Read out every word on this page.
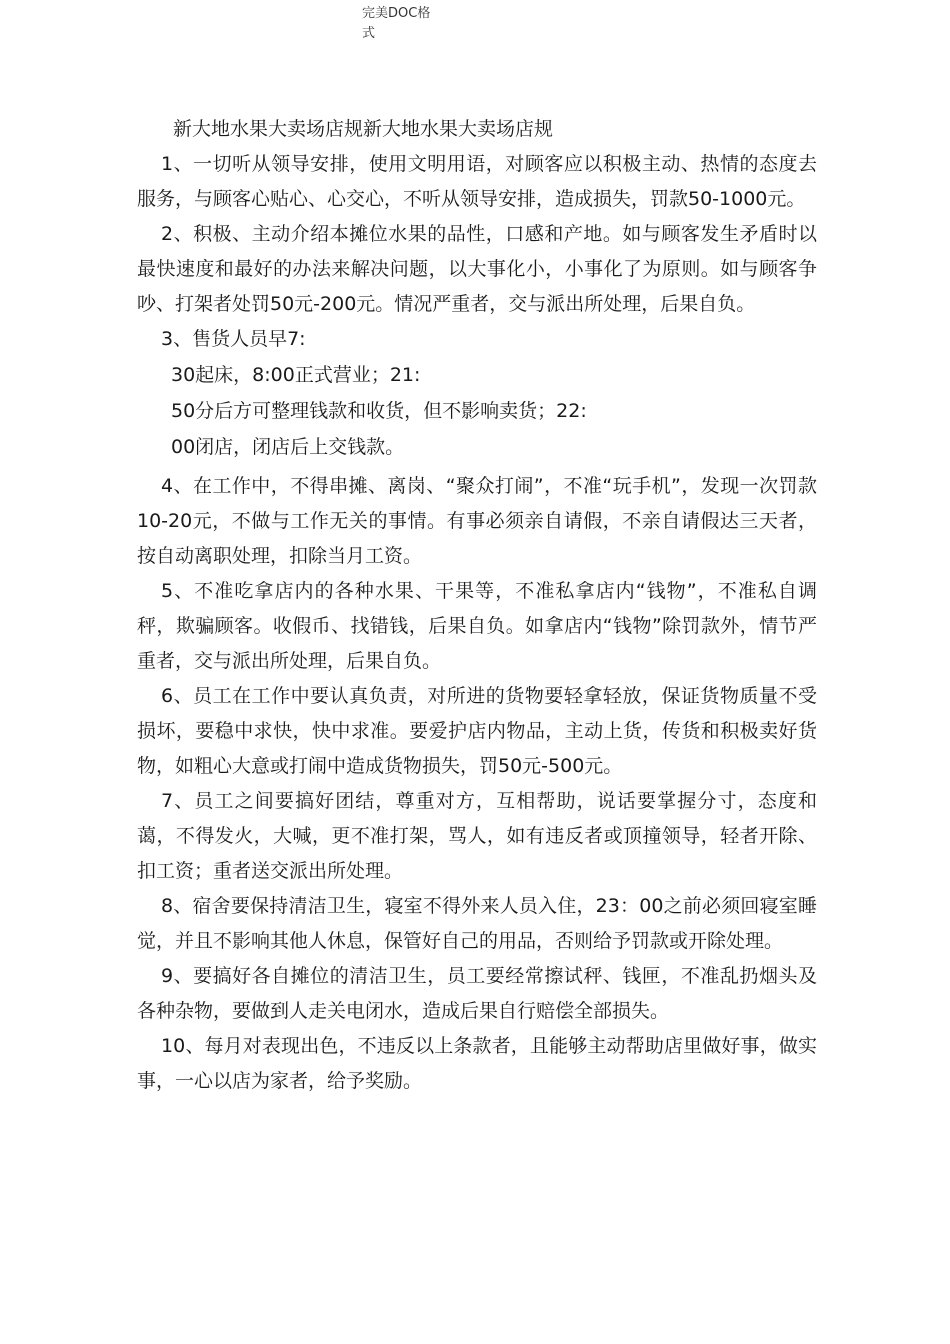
完美DOC格式

新大地水果大卖场店规新大地水果大卖场店规

1、一切听从领导安排，使用文明用语，对顾客应以积极主动、热情的态度去服务，与顾客心贴心、心交心，不听从领导安排，造成损失，罚款50-1000元。

2、积极、主动介绍本摊位水果的品性，口感和产地。如与顾客发生矛盾时以最快速度和最好的办法来解决问题，以大事化小，小事化了为原则。如与顾客争吵、打架者处罚50元-200元。情况严重者，交与派出所处理，后果自负。

3、售货人员早7:

30起床，8:00正式营业；21:

50分后方可整理钱款和收货，但不影响卖货；22:

00闭店，闭店后上交钱款。

4、在工作中，不得串摊、离岗、“聚众打闹”，不准“玩手机”，发现一次罚款10-20元，不做与工作无关的事情。有事必须亲自请假，不亲自请假达三天者，按自动离职处理，扣除当月工资。

5、不准吃拿店内的各种水果、干果等，不准私拿店内“钱物”，不准私自调秤，欺骗顾客。收假币、找错钱，后果自负。如拿店内“钱物”除罚款外，情节严重者，交与派出所处理，后果自负。

6、员工在工作中要认真负责，对所进的货物要轻拿轻放，保证货物质量不受损坏，要稳中求快，快中求准。要爱护店内物品，主动上货，传货和积极卖好货物，如粗心大意或打闹中造成货物损失，罚50元-500元。

7、员工之间要搞好团结，尊重对方，互相帮助，说话要掌握分寸，态度和蔼，不得发火，大喊，更不准打架，骂人，如有违反者或顶撞领导，轻者开除、扣工资；重者送交派出所处理。

8、宿舍要保持清洁卫生，寝室不得外来人员入住，23：00之前必须回寝室睡觉，并且不影响其他人休息，保管好自己的用品，否则给予罚款或开除处理。

9、要搞好各自摊位的清洁卫生，员工要经常擦试秤、钱匣，不准乱扔烟头及各种杂物，要做到人走关电闭水，造成后果自行赔偿全部损失。

10、每月对表现出色，不违反以上条款者，且能够主动帮助店里做好事，做实事，一心以店为家者，给予奖励。
